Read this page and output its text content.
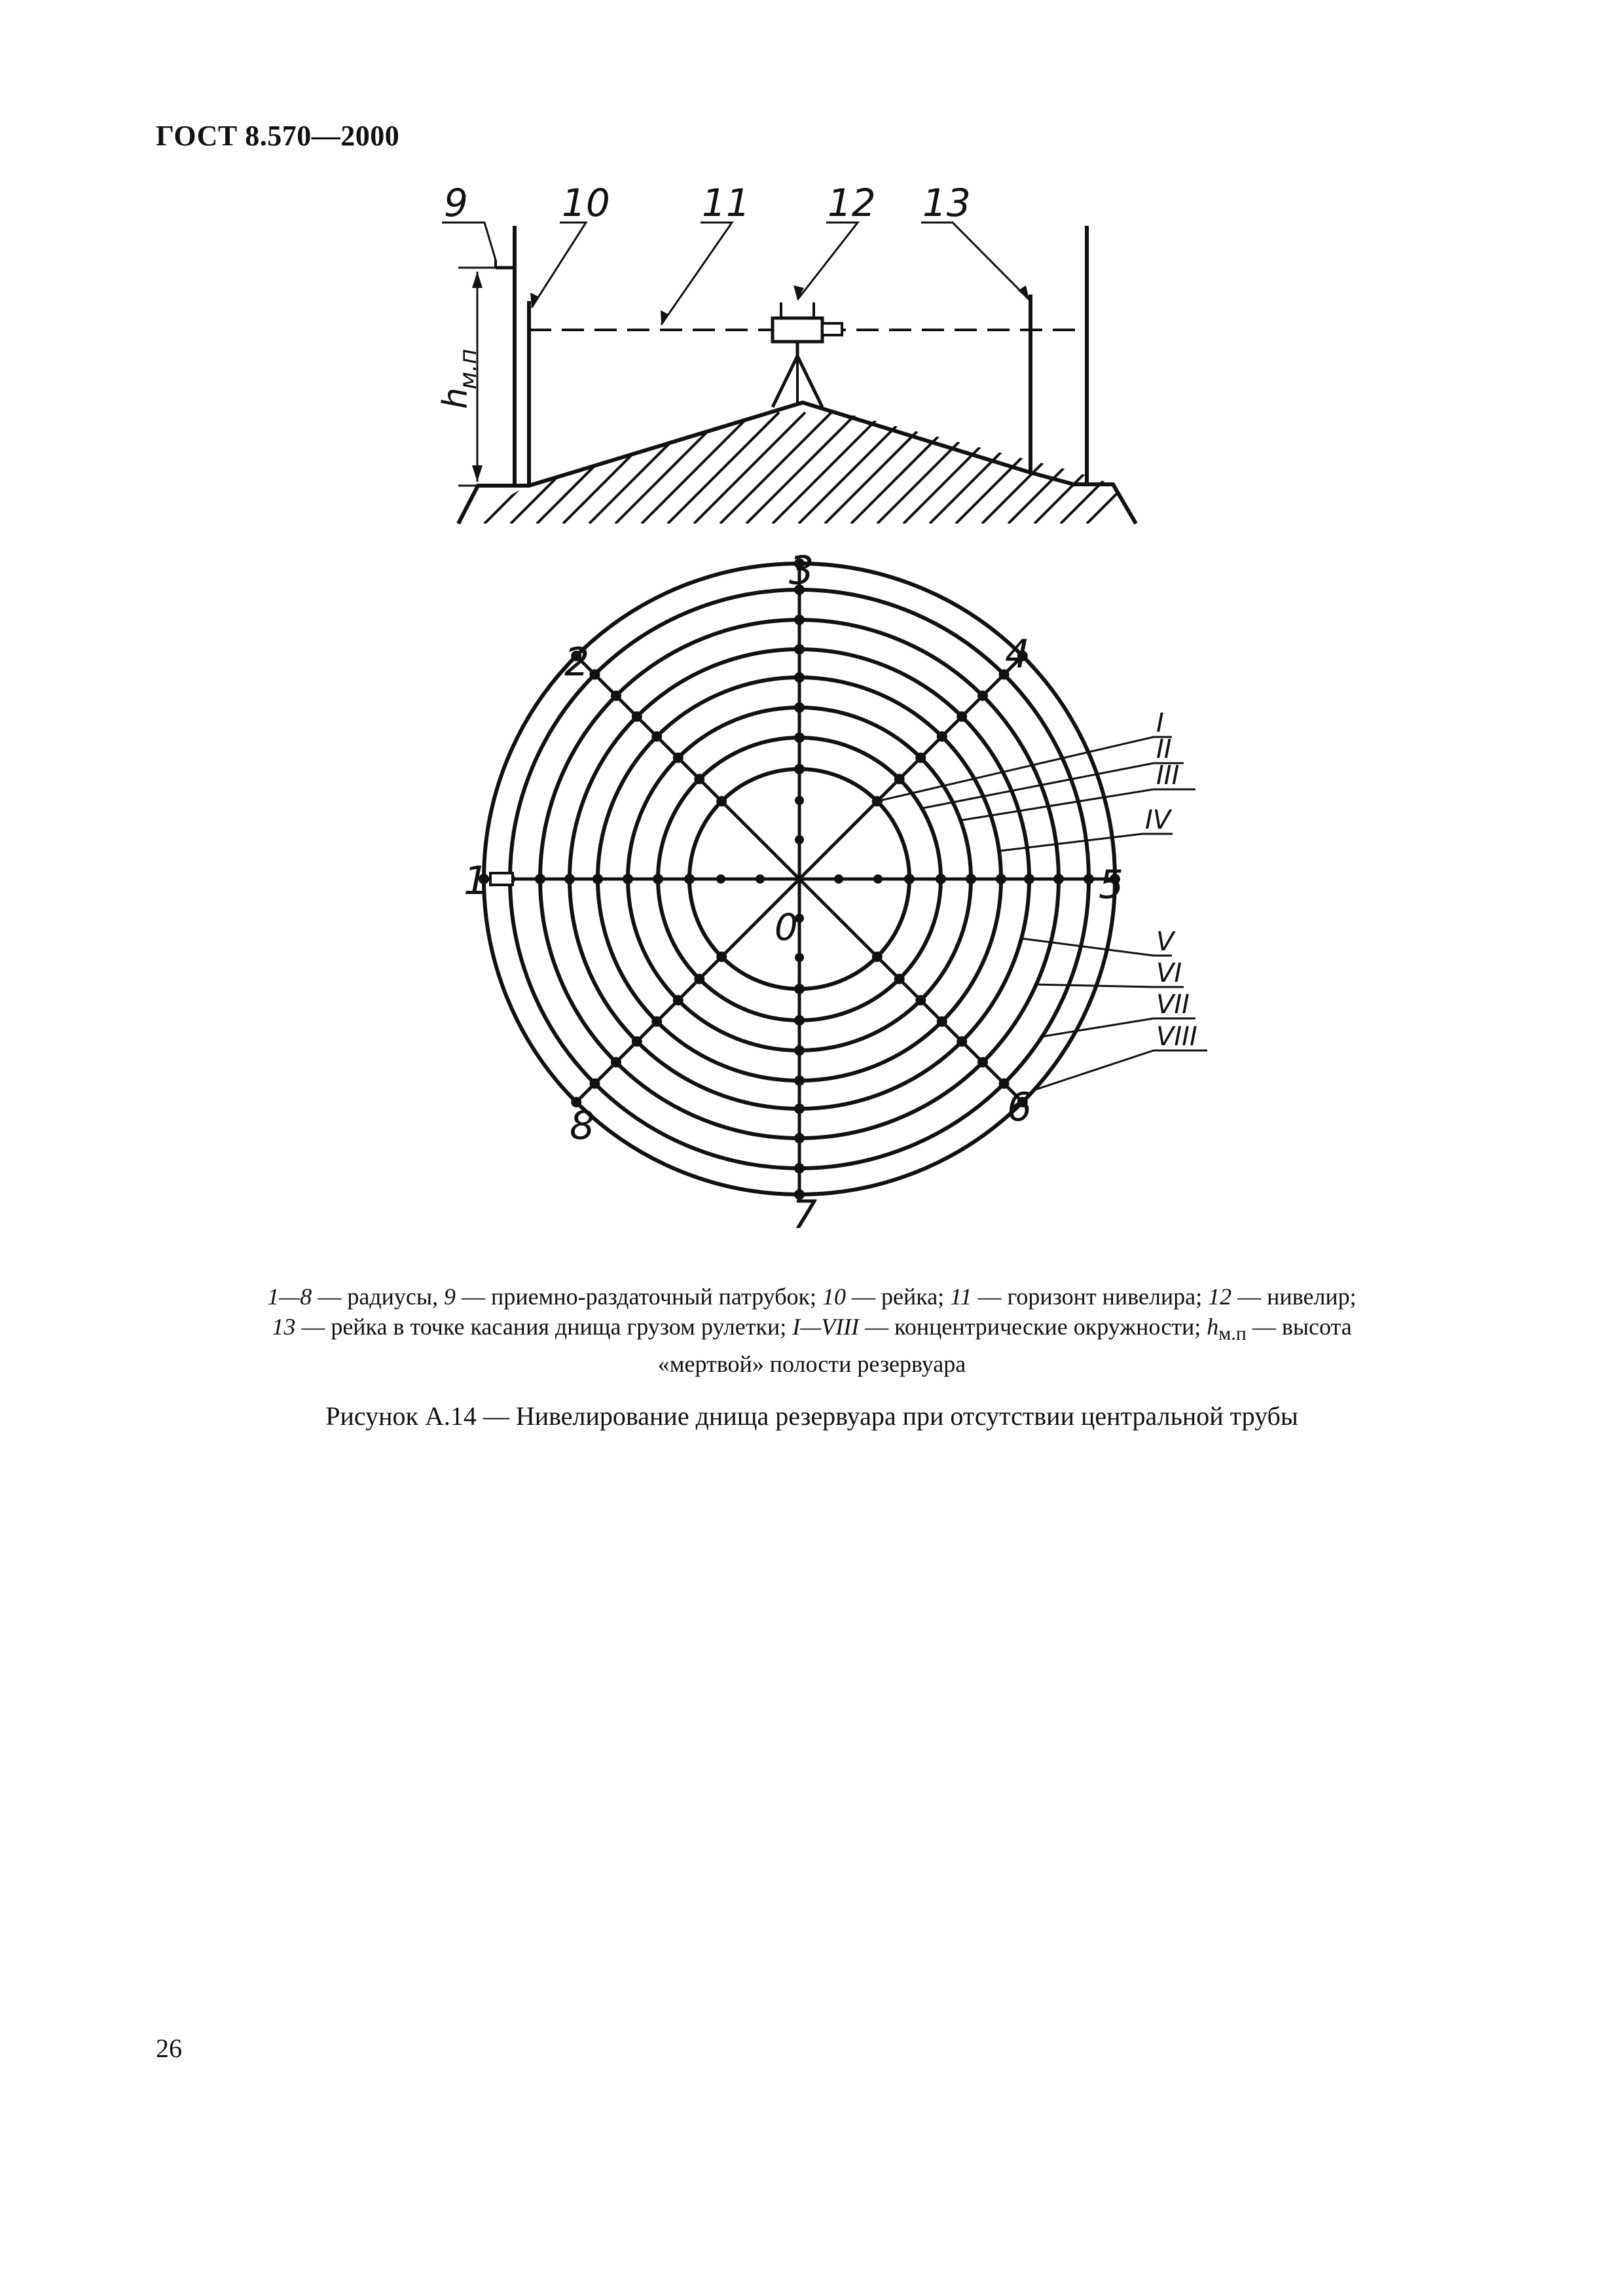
ГОСТ 8.570—2000
9 10 11 12 13
h
м.п
1
2
3
4
5
6
7
8
0
I
II
III
IV
V
VI
VII
VIII
1—8 — радиусы, 9 — приемно-раздаточный патрубок; 10 — рейка; 11 — горизонт нивелира; 12 — нивелир;
13 — рейка в точке касания днища грузом рулетки; I—VIII — концентрические окружности; $h_{м.п}$ — высота
«мертвой» полости резервуара
Рисунок А.14 — Нивелирование днища резервуара при отсутствии центральной трубы
26
